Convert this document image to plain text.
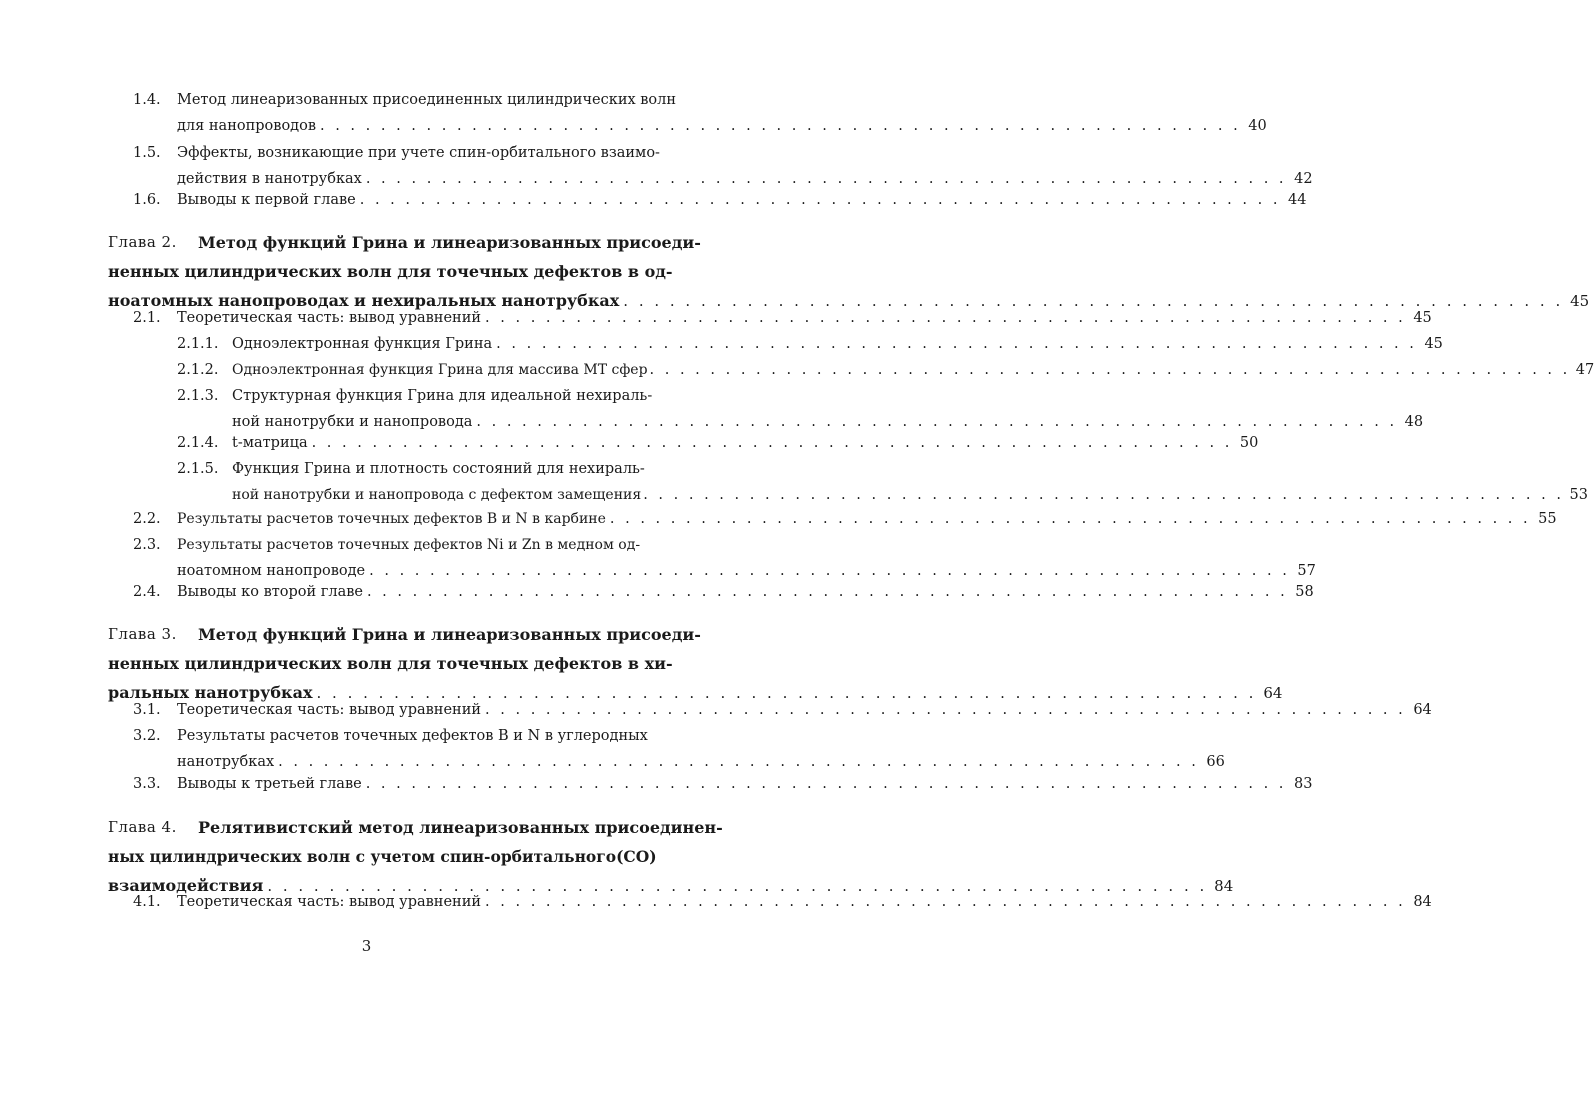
1.4. Метод линеаризованных присоединенных цилиндрических волн
для нанопроводов . . . . . . . . . . . . . . . . . . . . . . . . . . . . . . . . . . . . . . . . . . . . . . . . . . . . . . . . . . . . . 40
1.5. Эффекты, возникающие при учете спин-орбитального взаимо-
действия в нанотрубках . . . . . . . . . . . . . . . . . . . . . . . . . . . . . . . . . . . . . . . . . . . . . . . . . . . . . . . . . . . . . 42
1.6. Выводы к первой главе . . . . . . . . . . . . . . . . . . . . . . . . . . . . . . . . . . . . . . . . . . . . . . . . . . . . . . . . . . . . . 44
Глава 2. Метод функций Грина и линеаризованных присоеди-
ненных цилиндрических волн для точечных дефектов в од-
ноатомных нанопроводах и нехиральных нанотрубках . . . . . . . . . . . . . . . . . . . . . . . . . . . . . . . . . . . . . . . . . . . . . . . . . . . . . . . . . . . . . 45
2.1. Теоретическая часть: вывод уравнений . . . . . . . . . . . . . . . . . . . . . . . . . . . . . . . . . . . . . . . . . . . . . . . . . . . . . . . . . . . . . 45
2.1.1. Одноэлектронная функция Грина . . . . . . . . . . . . . . . . . . . . . . . . . . . . . . . . . . . . . . . . . . . . . . . . . . . . . . . . . . . . . 45
2.1.2. Одноэлектронная функция Грина для массива МТ сфер . . . . . . . . . . . . . . . . . . . . . . . . . . . . . . . . . . . . . . . . . . . . . . . . . . . . . . . . . . . . . 47
2.1.3. Структурная функция Грина для идеальной нехираль-
ной нанотрубки и нанопровода . . . . . . . . . . . . . . . . . . . . . . . . . . . . . . . . . . . . . . . . . . . . . . . . . . . . . . . . . . . . . 48
2.1.4. t-матрица . . . . . . . . . . . . . . . . . . . . . . . . . . . . . . . . . . . . . . . . . . . . . . . . . . . . . . . . . . . . . 50
2.1.5. Функция Грина и плотность состояний для нехираль-
ной нанотрубки и нанопровода с дефектом замещения . . . . . . . . . . . . . . . . . . . . . . . . . . . . . . . . . . . . . . . . . . . . . . . . . . . . . . . . . . . . . 53
2.2. Результаты расчетов точечных дефектов B и N в карбине . . . . . . . . . . . . . . . . . . . . . . . . . . . . . . . . . . . . . . . . . . . . . . . . . . . . . . . . . . . . . 55
2.3. Результаты расчетов точечных дефектов Ni и Zn в медном од-
ноатомном нанопроводе . . . . . . . . . . . . . . . . . . . . . . . . . . . . . . . . . . . . . . . . . . . . . . . . . . . . . . . . . . . . . 57
2.4. Выводы ко второй главе . . . . . . . . . . . . . . . . . . . . . . . . . . . . . . . . . . . . . . . . . . . . . . . . . . . . . . . . . . . . . 58
Глава 3. Метод функций Грина и линеаризованных присоеди-
ненных цилиндрических волн для точечных дефектов в хи-
ральных нанотрубках . . . . . . . . . . . . . . . . . . . . . . . . . . . . . . . . . . . . . . . . . . . . . . . . . . . . . . . . . . . . . 64
3.1. Теоретическая часть: вывод уравнений . . . . . . . . . . . . . . . . . . . . . . . . . . . . . . . . . . . . . . . . . . . . . . . . . . . . . . . . . . . . . 64
3.2. Результаты расчетов точечных дефектов B и N в углеродных
нанотрубках . . . . . . . . . . . . . . . . . . . . . . . . . . . . . . . . . . . . . . . . . . . . . . . . . . . . . . . . . . . . . 66
3.3. Выводы к третьей главе . . . . . . . . . . . . . . . . . . . . . . . . . . . . . . . . . . . . . . . . . . . . . . . . . . . . . . . . . . . . . 83
Глава 4. Релятивистский метод линеаризованных присоединен-
ных цилиндрических волн с учетом спин-орбитального(СО)
взаимодействия . . . . . . . . . . . . . . . . . . . . . . . . . . . . . . . . . . . . . . . . . . . . . . . . . . . . . . . . . . . . . 84
4.1. Теоретическая часть: вывод уравнений . . . . . . . . . . . . . . . . . . . . . . . . . . . . . . . . . . . . . . . . . . . . . . . . . . . . . . . . . . . . . 84
3
